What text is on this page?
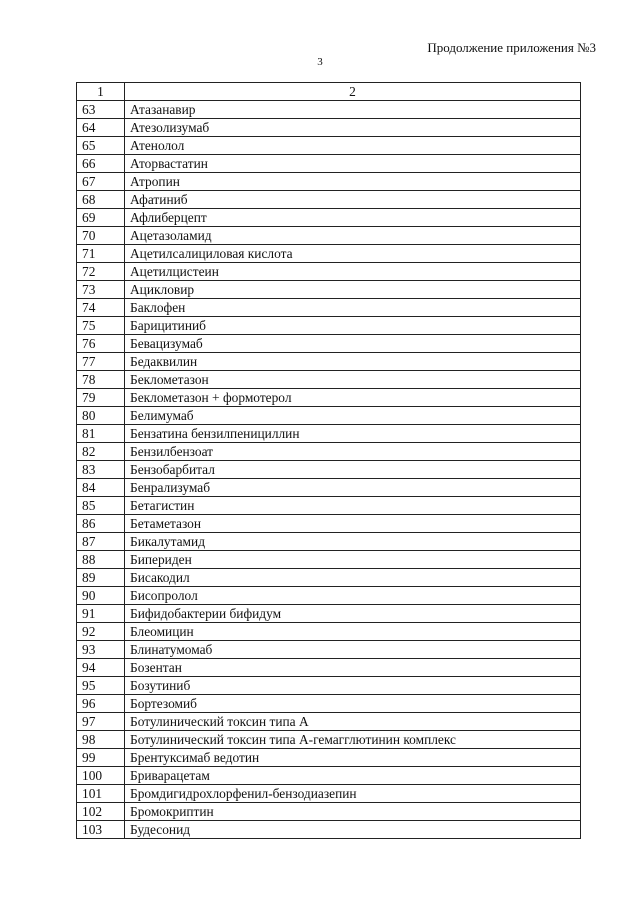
Продолжение приложения №3
3
1	2
63	Атазанавир
64	Атезолизумаб
65	Атенолол
66	Аторвастатин
67	Атропин
68	Афатиниб
69	Афлиберцепт
70	Ацетазоламид
71	Ацетилсалициловая кислота
72	Ацетилцистеин
73	Ацикловир
74	Баклофен
75	Барицитиниб
76	Бевацизумаб
77	Бедаквилин
78	Беклометазон
79	Беклометазон + формотерол
80	Белимумаб
81	Бензатина бензилпенициллин
82	Бензилбензоат
83	Бензобарбитал
84	Бенрализумаб
85	Бетагистин
86	Бетаметазон
87	Бикалутамид
88	Бипериден
89	Бисакодил
90	Бисопролол
91	Бифидобактерии бифидум
92	Блеомицин
93	Блинатумомаб
94	Бозентан
95	Бозутиниб
96	Бортезомиб
97	Ботулинический токсин типа А
98	Ботулинический токсин типа А-гемагглютинин комплекс
99	Брентуксимаб ведотин
100	Бриварацетам
101	Бромдигидрохлорфенил-бензодиазепин
102	Бромокриптин
103	Будесонид
